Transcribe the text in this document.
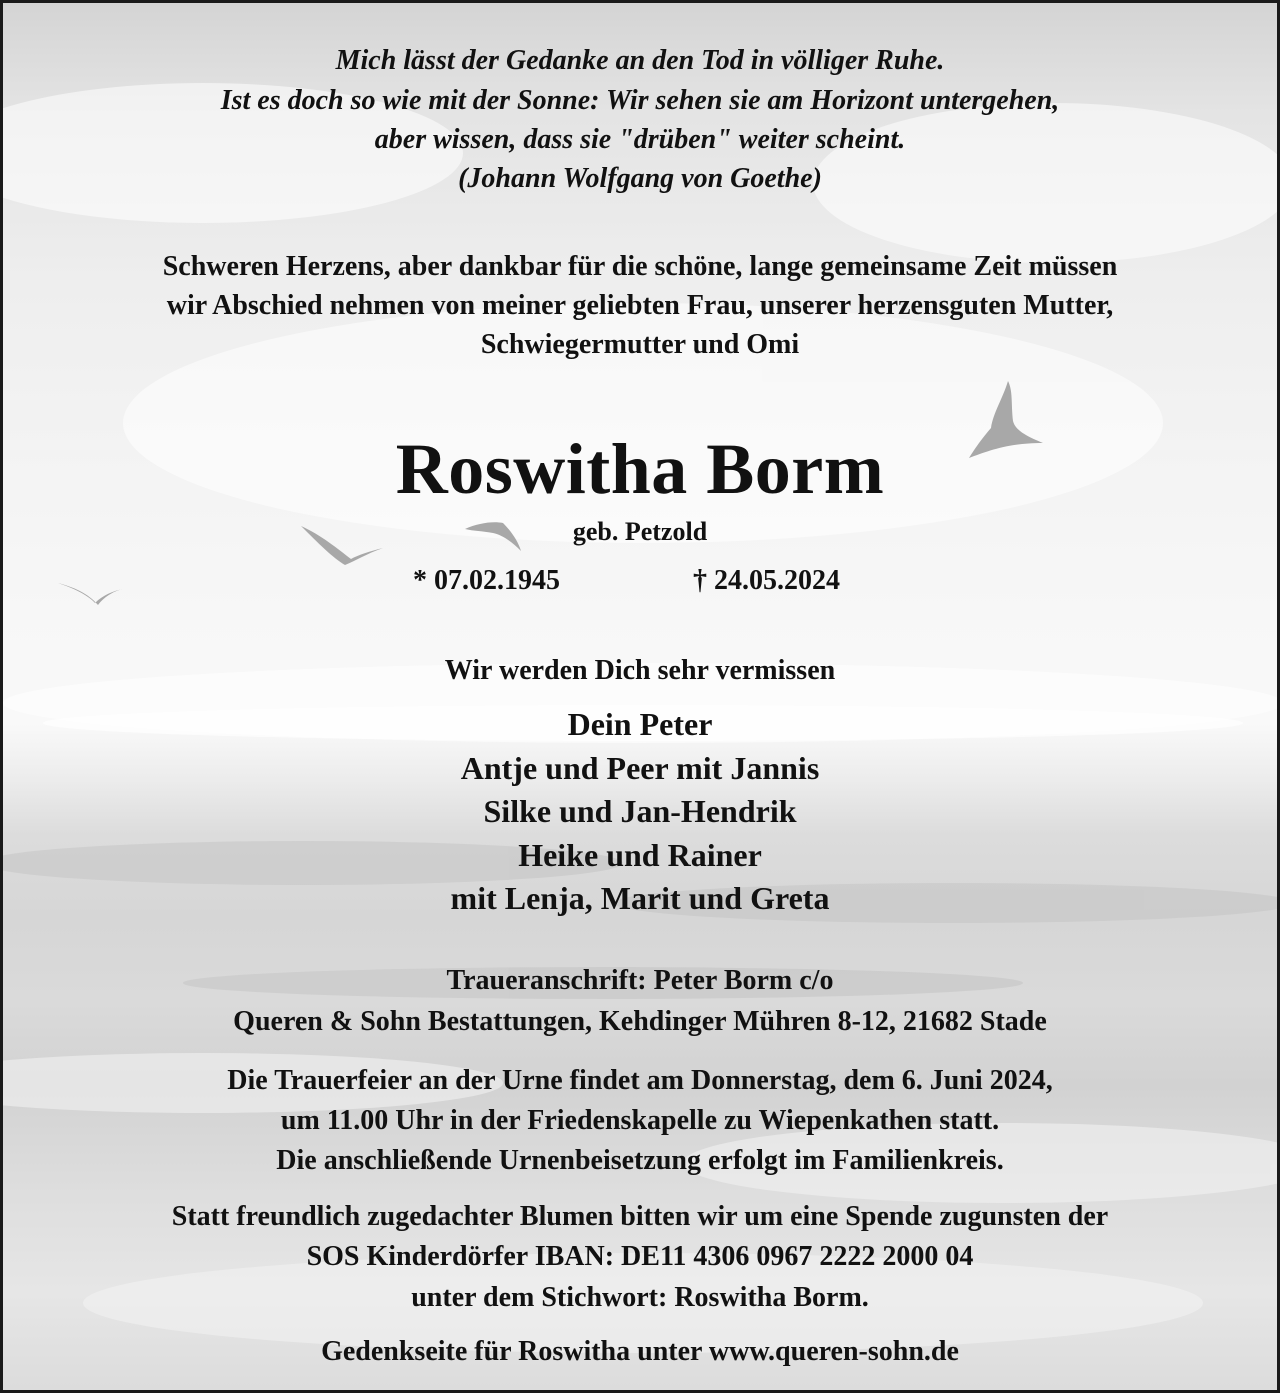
Mich lässt der Gedanke an den Tod in völliger Ruhe.
Ist es doch so wie mit der Sonne: Wir sehen sie am Horizont untergehen,
aber wissen, dass sie "drüben" weiter scheint.
(Johann Wolfgang von Goethe)
Schweren Herzens, aber dankbar für die schöne, lange gemeinsame Zeit müssen
wir Abschied nehmen von meiner geliebten Frau, unserer herzensguten Mutter,
Schwiegermutter und Omi
Roswitha Borm
geb. Petzold
* 07.02.1945	† 24.05.2024
Wir werden Dich sehr vermissen
Dein Peter
Antje und Peer mit Jannis
Silke und Jan-Hendrik
Heike und Rainer
mit Lenja, Marit und Greta
Traueranschrift: Peter Borm c/o
Queren & Sohn Bestattungen, Kehdinger Mühren 8-12, 21682 Stade
Die Trauerfeier an der Urne findet am Donnerstag, dem 6. Juni 2024,
um 11.00 Uhr in der Friedenskapelle zu Wiepenkathen statt.
Die anschließende Urnenbeisetzung erfolgt im Familienkreis.
Statt freundlich zugedachter Blumen bitten wir um eine Spende zugunsten der
SOS Kinderdörfer IBAN: DE11 4306 0967 2222 2000 04
unter dem Stichwort: Roswitha Borm.
Gedenkseite für Roswitha unter www.queren-sohn.de
